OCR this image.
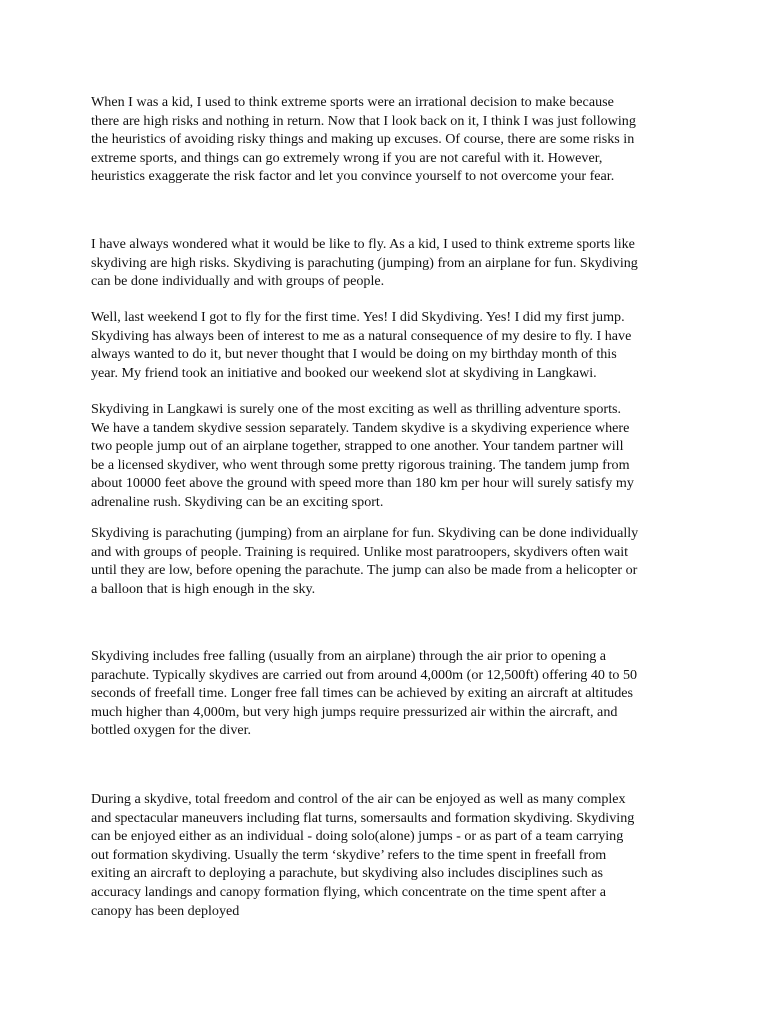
When I was a kid, I used to think extreme sports were an irrational decision to make because
there are high risks and nothing in return. Now that I look back on it, I think I was just following
the heuristics of avoiding risky things and making up excuses. Of course, there are some risks in
extreme sports, and things can go extremely wrong if you are not careful with it. However,
heuristics exaggerate the risk factor and let you convince yourself to not overcome your fear.

I have always wondered what it would be like to fly. As a kid, I used to think extreme sports like
skydiving are high risks. Skydiving is parachuting (jumping) from an airplane for fun. Skydiving
can be done individually and with groups of people.

Well, last weekend I got to fly for the first time. Yes! I did Skydiving. Yes! I did my first jump.
Skydiving has always been of interest to me as a natural consequence of my desire to fly. I have
always wanted to do it, but never thought that I would be doing on my birthday month of this
year. My friend took an initiative and booked our weekend slot at skydiving in Langkawi.

Skydiving in Langkawi is surely one of the most exciting as well as thrilling adventure sports.
We have a tandem skydive session separately. Tandem skydive is a skydiving experience where
two people jump out of an airplane together, strapped to one another. Your tandem partner will
be a licensed skydiver, who went through some pretty rigorous training. The tandem jump from
about 10000 feet above the ground with speed more than 180 km per hour will surely satisfy my
adrenaline rush. Skydiving can be an exciting sport.

Skydiving is parachuting (jumping) from an airplane for fun. Skydiving can be done individually
and with groups of people. Training is required. Unlike most paratroopers, skydivers often wait
until they are low, before opening the parachute. The jump can also be made from a helicopter or
a balloon that is high enough in the sky.

Skydiving includes free falling (usually from an airplane) through the air prior to opening a
parachute. Typically skydives are carried out from around 4,000m (or 12,500ft) offering 40 to 50
seconds of freefall time. Longer free fall times can be achieved by exiting an aircraft at altitudes
much higher than 4,000m, but very high jumps require pressurized air within the aircraft, and
bottled oxygen for the diver.

During a skydive, total freedom and control of the air can be enjoyed as well as many complex
and spectacular maneuvers including flat turns, somersaults and formation skydiving. Skydiving
can be enjoyed either as an individual - doing solo(alone) jumps - or as part of a team carrying
out formation skydiving. Usually the term ‘skydive’ refers to the time spent in freefall from
exiting an aircraft to deploying a parachute, but skydiving also includes disciplines such as
accuracy landings and canopy formation flying, which concentrate on the time spent after a
canopy has been deployed
